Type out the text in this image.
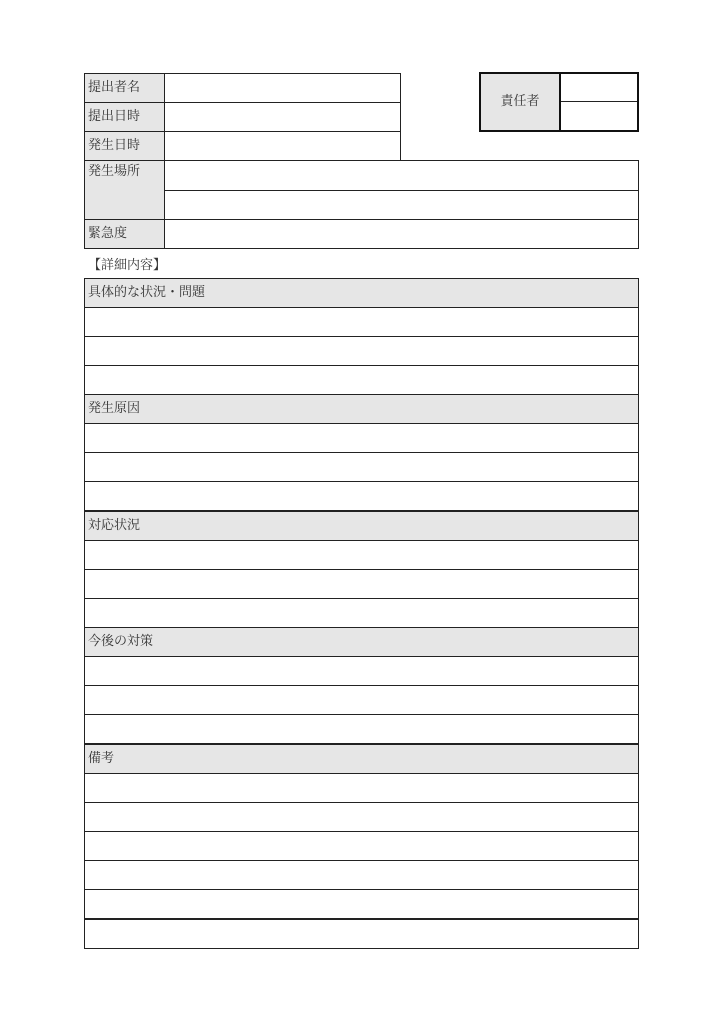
提出者名
提出日時
発生日時
発生場所
緊急度
責任者
【詳細内容】
具体的な状況・問題
発生原因
対応状況
今後の対策
備考
